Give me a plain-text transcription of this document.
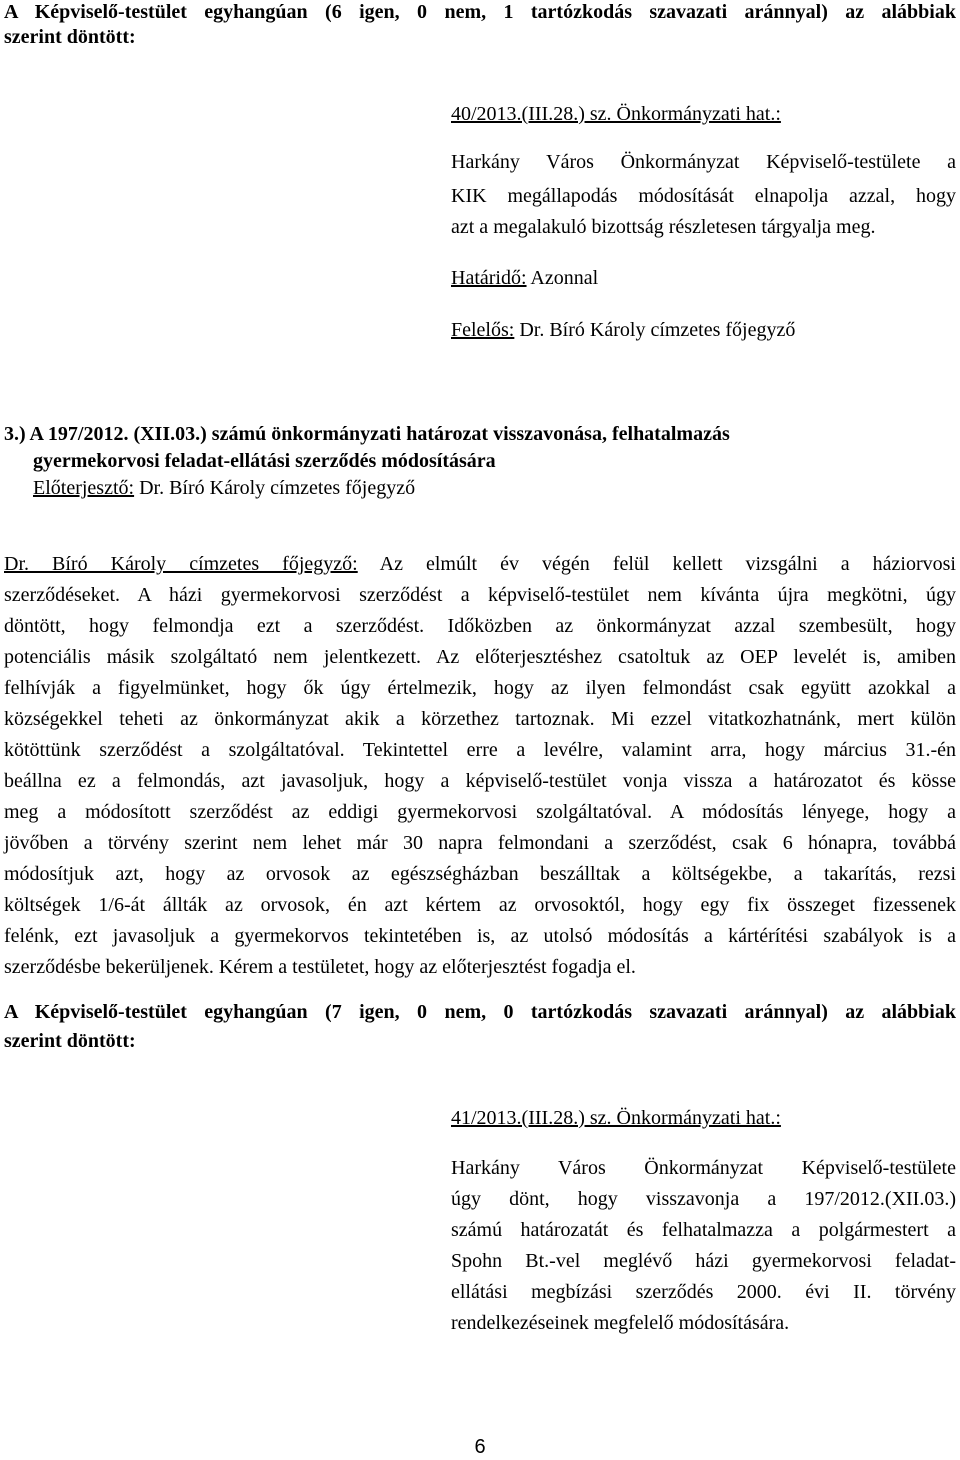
A Képviselő-testület egyhangúan (6 igen, 0 nem, 1 tartózkodás szavazati aránnyal) az alábbiak
szerint döntött:
40/2013.(III.28.) sz. Önkormányzati hat.:
Harkány Város Önkormányzat Képviselő-testülete a
KIK megállapodás módosítását elnapolja azzal, hogy
azt a megalakuló bizottság részletesen tárgyalja meg.
Határidő: Azonnal
Felelős: Dr. Bíró Károly címzetes főjegyző
3.) A 197/2012. (XII.03.) számú önkormányzati határozat visszavonása, felhatalmazás
gyermekorvosi feladat-ellátási szerződés módosítására
Előterjesztő: Dr. Bíró Károly címzetes főjegyző
Dr. Bíró Károly címzetes főjegyző: Az elmúlt év végén felül kellett vizsgálni a háziorvosi
szerződéseket. A házi gyermekorvosi szerződést a képviselő-testület nem kívánta újra megkötni, úgy
döntött, hogy felmondja ezt a szerződést. Időközben az önkormányzat azzal szembesült, hogy
potenciális másik szolgáltató nem jelentkezett. Az előterjesztéshez csatoltuk az OEP levelét is, amiben
felhívják a figyelmünket, hogy ők úgy értelmezik, hogy az ilyen felmondást csak együtt azokkal a
községekkel teheti az önkormányzat akik a körzethez tartoznak. Mi ezzel vitatkozhatnánk, mert külön
kötöttünk szerződést a szolgáltatóval. Tekintettel erre a levélre, valamint arra, hogy március 31.-én
beállna ez a felmondás, azt javasoljuk, hogy a képviselő-testület vonja vissza a határozatot és kösse
meg a módosított szerződést az eddigi gyermekorvosi szolgáltatóval. A módosítás lényege, hogy a
jövőben a törvény szerint nem lehet már 30 napra felmondani a szerződést, csak 6 hónapra, továbbá
módosítjuk azt, hogy az orvosok az egészségházban beszálltak a költségekbe, a takarítás, rezsi
költségek 1/6-át állták az orvosok, én azt kértem az orvosoktól, hogy egy fix összeget fizessenek
felénk, ezt javasoljuk a gyermekorvos tekintetében is, az utolsó módosítás a kártérítési szabályok is a
szerződésbe bekerüljenek. Kérem a testületet, hogy az előterjesztést fogadja el.
A Képviselő-testület egyhangúan (7 igen, 0 nem, 0 tartózkodás szavazati aránnyal) az alábbiak
szerint döntött:
41/2013.(III.28.) sz. Önkormányzati hat.:
Harkány Város Önkormányzat Képviselő-testülete
úgy dönt, hogy visszavonja a 197/2012.(XII.03.)
számú határozatát és felhatalmazza a polgármestert a
Spohn Bt.-vel meglévő házi gyermekorvosi feladat-
ellátási megbízási szerződés 2000. évi II. törvény
rendelkezéseinek megfelelő módosítására.
6
